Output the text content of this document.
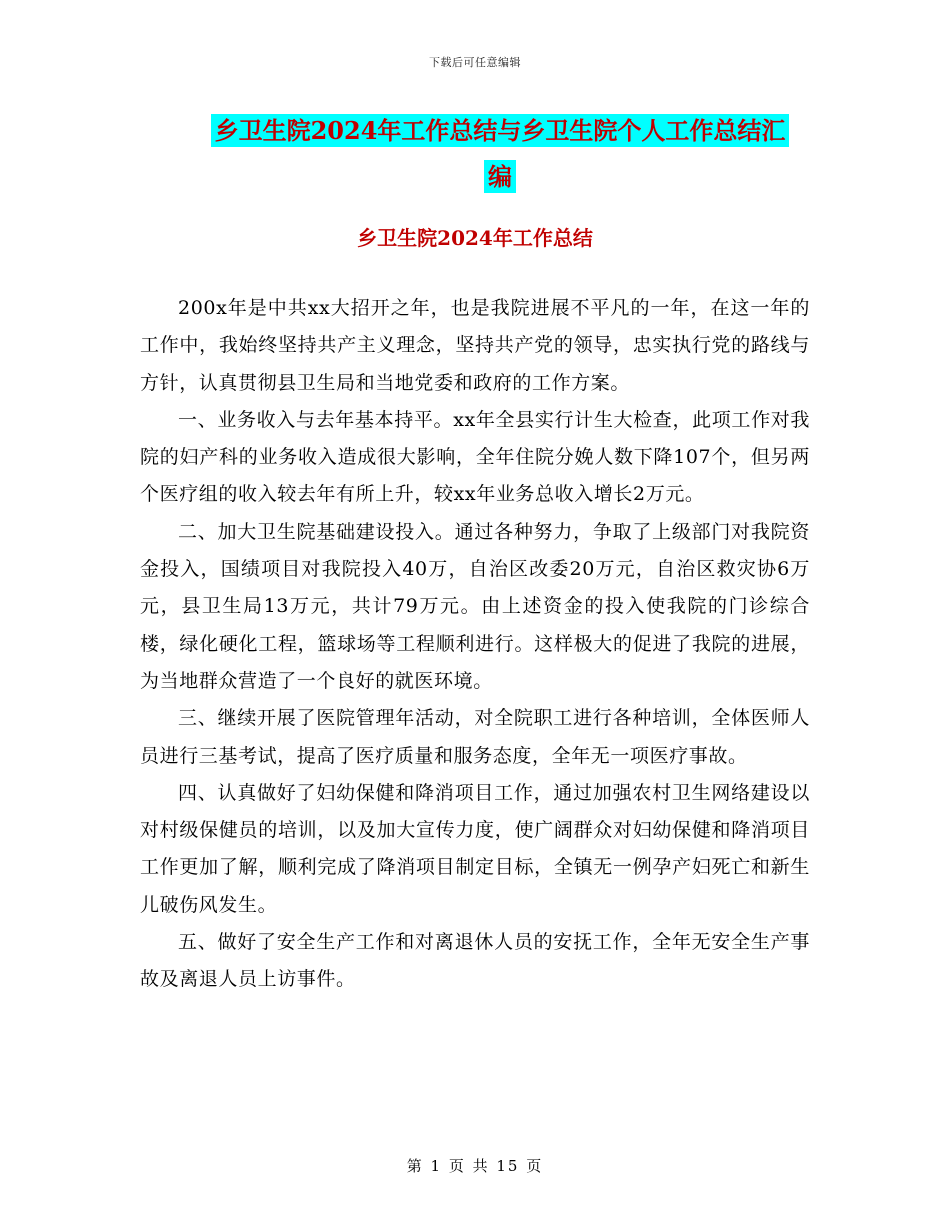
下载后可任意编辑
乡卫生院2024年工作总结与乡卫生院个人工作总结汇
编
乡卫生院2024年工作总结

200x年是中共xx大招开之年，也是我院进展不平凡的一年，在这一年的工作中，我始终坚持共产主义理念，坚持共产党的领导，忠实执行党的路线与方针，认真贯彻县卫生局和当地党委和政府的工作方案。

一、业务收入与去年基本持平。xx年全县实行计生大检查，此项工作对我院的妇产科的业务收入造成很大影响，全年住院分娩人数下降107个，但另两个医疗组的收入较去年有所上升，较xx年业务总收入增长2万元。

二、加大卫生院基础建设投入。通过各种努力，争取了上级部门对我院资金投入，国绩项目对我院投入40万，自治区改委20万元，自治区救灾协6万元，县卫生局13万元，共计79万元。由上述资金的投入使我院的门诊综合楼，绿化硬化工程，篮球场等工程顺利进行。这样极大的促进了我院的进展，为当地群众营造了一个良好的就医环境。

三、继续开展了医院管理年活动，对全院职工进行各种培训，全体医师人员进行三基考试，提高了医疗质量和服务态度，全年无一项医疗事故。

四、认真做好了妇幼保健和降消项目工作，通过加强农村卫生网络建设以对村级保健员的培训，以及加大宣传力度，使广阔群众对妇幼保健和降消项目工作更加了解，顺利完成了降消项目制定目标，全镇无一例孕产妇死亡和新生儿破伤风发生。

五、做好了安全生产工作和对离退休人员的安抚工作，全年无安全生产事故及离退人员上访事件。

第 1 页 共 15 页
